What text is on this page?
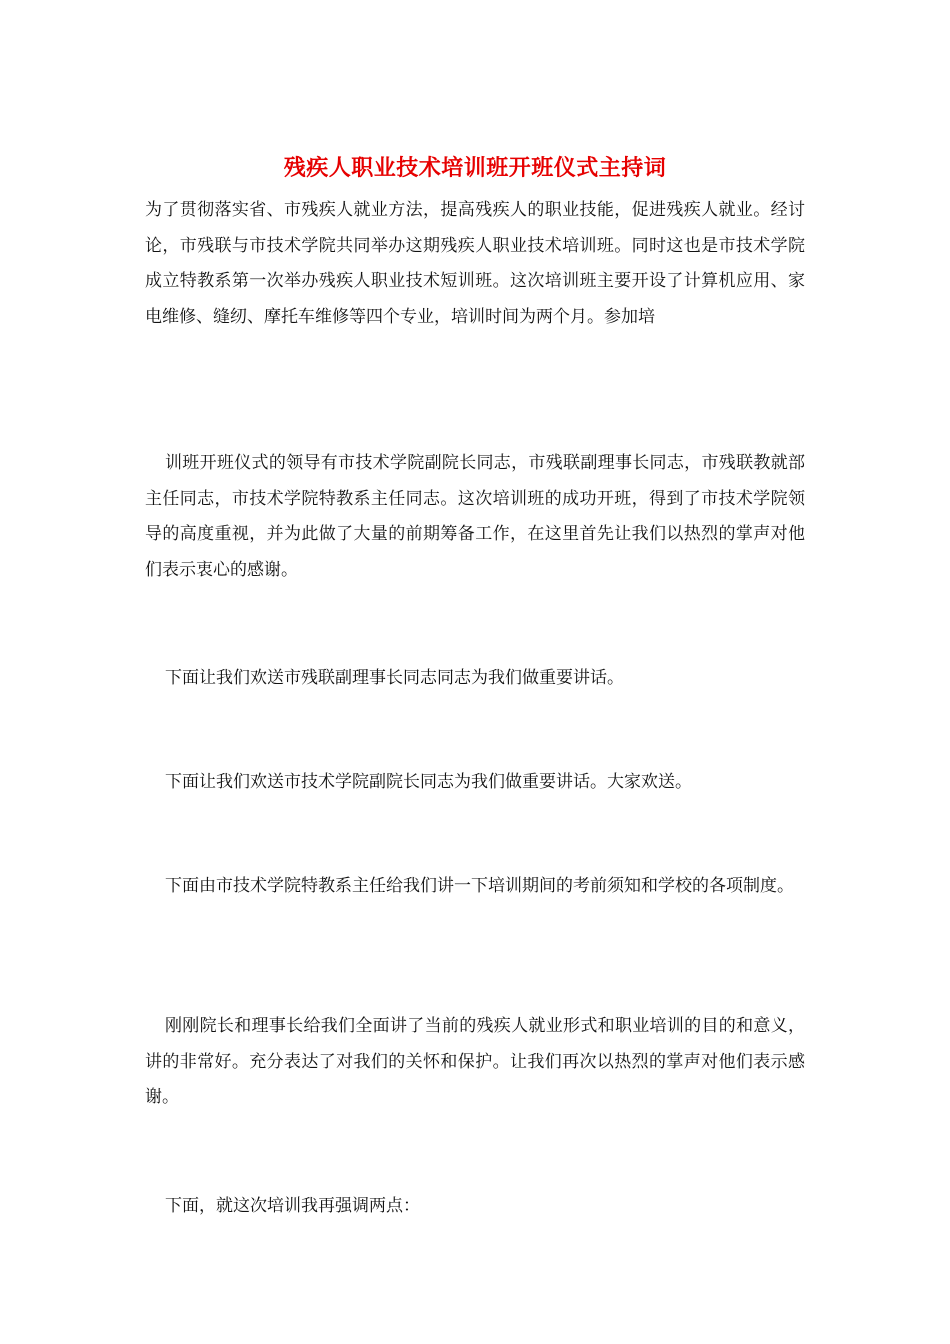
残疾人职业技术培训班开班仪式主持词

为了贯彻落实省、市残疾人就业方法，提高残疾人的职业技能，促进残疾人就业。经讨论，市残联与市技术学院共同举办这期残疾人职业技术培训班。同时这也是市技术学院成立特教系第一次举办残疾人职业技术短训班。这次培训班主要开设了计算机应用、家电维修、缝纫、摩托车维修等四个专业，培训时间为两个月。参加培

训班开班仪式的领导有市技术学院副院长同志，市残联副理事长同志，市残联教就部主任同志，市技术学院特教系主任同志。这次培训班的成功开班，得到了市技术学院领导的高度重视，并为此做了大量的前期筹备工作，在这里首先让我们以热烈的掌声对他们表示衷心的感谢。

下面让我们欢送市残联副理事长同志同志为我们做重要讲话。

下面让我们欢送市技术学院副院长同志为我们做重要讲话。大家欢送。

下面由市技术学院特教系主任给我们讲一下培训期间的考前须知和学校的各项制度。

刚刚院长和理事长给我们全面讲了当前的残疾人就业形式和职业培训的目的和意义，讲的非常好。充分表达了对我们的关怀和保护。让我们再次以热烈的掌声对他们表示感谢。

下面，就这次培训我再强调两点：
